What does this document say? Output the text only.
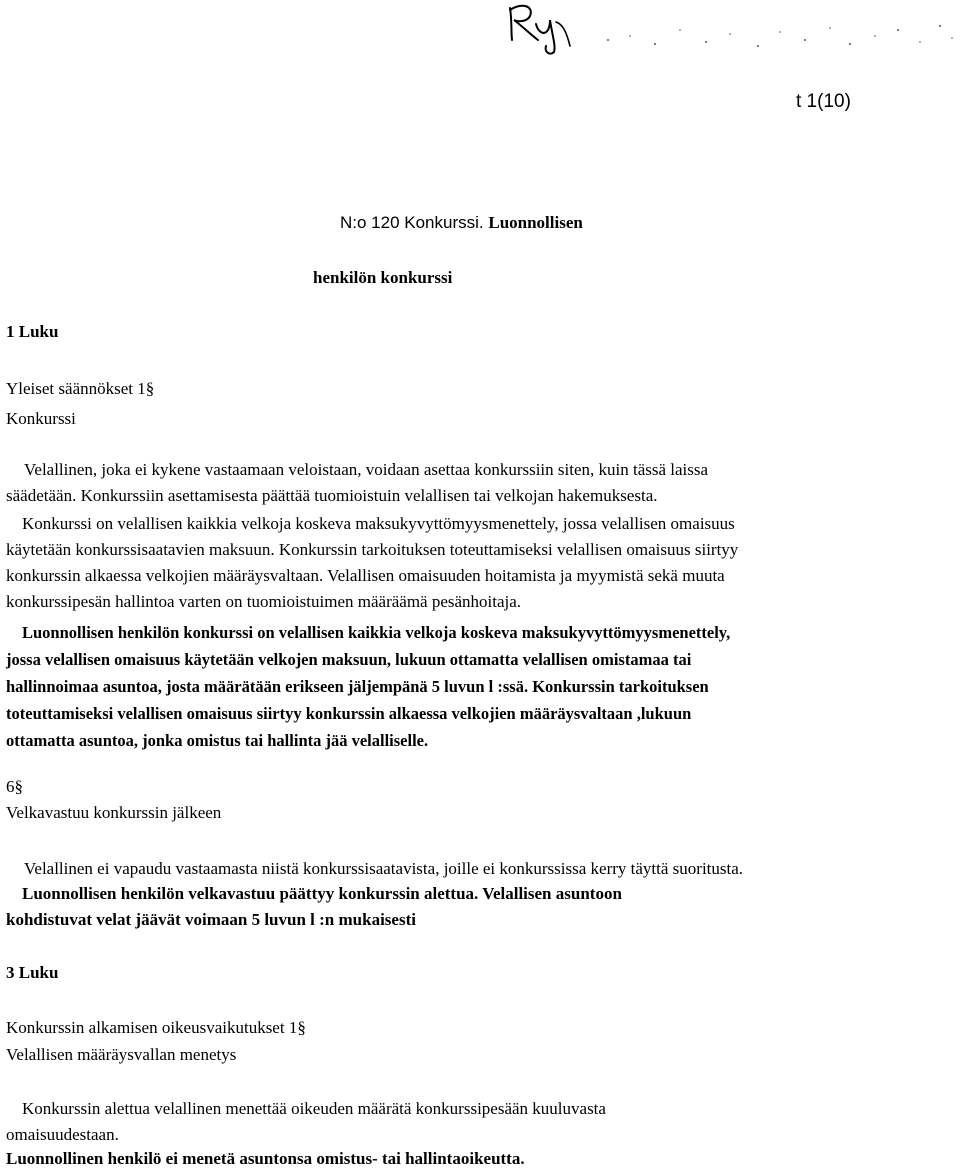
t 1(10)
N:o 120 Konkurssi. Luonnollisen
henkilön konkurssi
1 Luku
Yleiset säännökset 1§
Konkurssi
Velallinen, joka ei kykene vastaamaan veloistaan, voidaan asettaa konkurssiin siten, kuin tässä laissa
säädetään. Konkurssiin asettamisesta päättää tuomioistuin velallisen tai velkojan hakemuksesta.
Konkurssi on velallisen kaikkia velkoja koskeva maksukyvyttömyysmenettely, jossa velallisen omaisuus
käytetään konkurssisaatavien maksuun. Konkurssin tarkoituksen toteuttamiseksi velallisen omaisuus siirtyy
konkurssin alkaessa velkojien määräysvaltaan. Velallisen omaisuuden hoitamista ja myymistä sekä muuta
konkurssipesän hallintoa varten on tuomioistuimen määräämä pesänhoitaja.
Luonnollisen henkilön konkurssi on velallisen kaikkia velkoja koskeva maksukyvyttömyysmenettely,
jossa velallisen omaisuus käytetään velkojen maksuun, lukuun ottamatta velallisen omistamaa tai
hallinnoimaa asuntoa, josta määrätään erikseen jäljempänä 5 luvun l :ssä. Konkurssin tarkoituksen
toteuttamiseksi velallisen omaisuus siirtyy konkurssin alkaessa velkojien määräysvaltaan ,lukuun
ottamatta asuntoa, jonka omistus tai hallinta jää velalliselle.
6§
Velkavastuu konkurssin jälkeen
Velallinen ei vapaudu vastaamasta niistä konkurssisaatavista, joille ei konkurssissa kerry täyttä suoritusta.
Luonnollisen henkilön velkavastuu päättyy konkurssin alettua. Velallisen asuntoon
kohdistuvat velat jäävät voimaan 5 luvun l :n mukaisesti
3 Luku
Konkurssin alkamisen oikeusvaikutukset 1§
Velallisen määräysvallan menetys
Konkurssin alettua velallinen menettää oikeuden määrätä konkurssipesään kuuluvasta
omaisuudestaan.
Luonnollinen henkilö ei menetä asuntonsa omistus- tai hallintaoikeutta.
